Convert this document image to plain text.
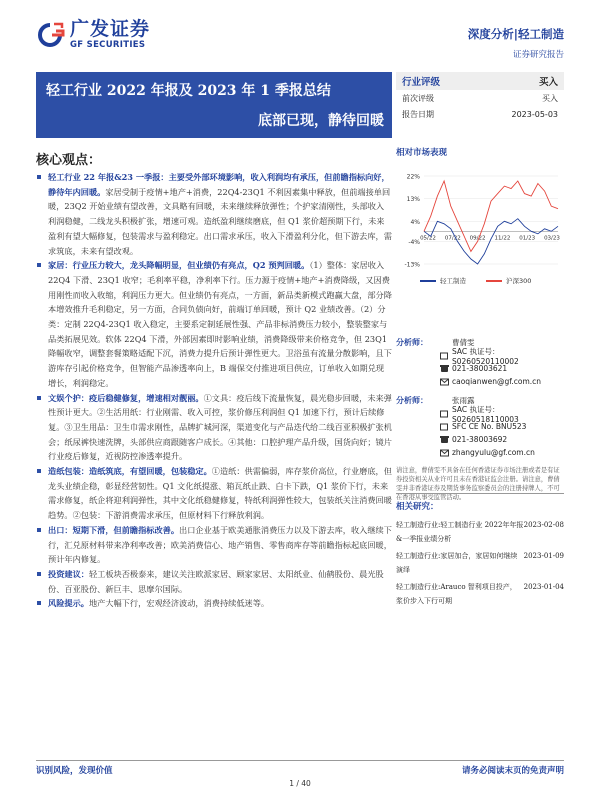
广发证券
GF SECURITIES
深度分析|轻工制造
证券研究报告
轻工行业 2022 年报及 2023 年 1 季报总结
底部已现，静待回暖
行业评级	买入
前次评级	买入
报告日期	2023-05-03
核心观点：

轻工行业 22 年报&23 一季报：主要受外部环境影响，收入利润均有承压，但前瞻指标向好，静待年内回暖。家居受制于疫情+地产+消费，22Q4-23Q1 不利因素集中释放，但前端接单回暖，23Q2 开始业绩有望改善，文具略有回暖，未来继续释放弹性；个护家清刚性，头部收入利润稳健，二线龙头积极扩张，增速可观。造纸盈利继续磨底，但 Q1 浆价超预期下行，未来盈利有望大幅修复，包装需求与盈利稳定。出口需求承压，收入下滑盈利分化，但下游去库，需求筑底，未来有望改观。

家居：行业压力较大，龙头降幅明显，但业绩仍有亮点，Q2 预判回暖。（1）整体：家居收入 22Q4 下滑、23Q1 收窄；毛利率平稳，净利率下行。压力源于疫情+地产+消费降级，又因费用刚性而收入收缩，利润压力更大。但业绩仍有亮点，一方面，新品类新模式跑赢大盘，部分降本增效推升毛利稳定，另一方面，合同负债向好，前端订单回暖，预计 Q2 业绩改善。（2）分类：定制 22Q4-23Q1 收入稳定，主要系定制延展性强、产品非标消费压力较小，整装整家与品类拓展见效。软体 22Q4 下滑，外部因素即时影响业绩，消费降级带来价格竞争，但 23Q1 降幅收窄，调整套餐策略适配下沉，消费力提升后预计弹性更大。卫浴虽有流量分散影响，且下游库存引起价格竞争，但智能产品渗透率向上，B 端保交付推进项目供应，订单收入如期兑现增长，利润稳定。

文娱个护：疫后稳健修复，增速相对靓丽。①文具：疫后线下流量恢复，晨光稳步回暖，未来弹性预计更大。②生活用纸：行业刚需、收入可控，浆价修压利润但 Q1 加速下行，预计后续修复。③卫生用品：卫生巾需求刚性，品牌扩城河深，渠道变化与产品迭代给二线百亚积极扩张机会；纸尿裤快速洗牌，头部供应商跟随客户成长。④其他：口腔护理产品升级，国货向好；镜片行业疫后修复，近视防控渗透率提升。

造纸包装：造纸筑底，有望回暖，包装稳定。①造纸：供需偏弱，库存浆价高位，行业磨底，但龙头业绩企稳，彰显经营韧性。Q1 文化纸提涨、箱瓦纸止跌、白卡下跌，Q1 浆价下行，未来需求修复，纸企将迎利润弹性，其中文化纸稳健修复，特纸利润弹性较大，包装纸关注消费回暖趋势。②包装：下游消费需求承压，但原材料下行释放利润。

出口：短期下滑，但前瞻指标改善。出口企业基于欧美通胀消费压力以及下游去库，收入继续下行，汇兑原材料带来净利率改善；欧美消费信心、地产销售、零售商库存等前瞻指标起底回暖，预计年内修复。

投资建议：轻工板块否极泰来，建议关注欧派家居、顾家家居、太阳纸业、仙鹤股份、晨光股份、百亚股份、新巨丰、思摩尔国际。

风险提示。地产大幅下行，宏观经济波动，消费持续低迷等。

相对市场表现
22%
13%
4%
-4%
-13%
05/22 07/22 09/22 11/22 01/23 03/23
轻工制造	沪深300
分析师：	曹倩雯
SAC 执证号：S0260520110002
021-38003621
caoqianwen@gf.com.cn
分析师：	张雨露
SAC 执证号：S0260518110003
SFC CE No. BNU523
021-38003692
zhangyulu@gf.com.cn
请注意，曹倩雯不具备在任何香港证券市场注册或者是有证券投资相关从业许可且未在香港证监会注册。请注意，曹倩雯并非香港证券及期货事务监察委员会的注册持牌人，不可在香港从事受监管活动。
相关研究：
2023-02-08
轻工制造行业:轻工制造行业 2022年年报&一季报业绩分析
2023-01-09
轻工制造行业:家居加合，家居如何继续演绎
2023-01-04
轻工制造行业:Arauco 智利项目投产，浆价步入下行可期
识别风险，发现价值	请务必阅读末页的免责声明
1 / 40
